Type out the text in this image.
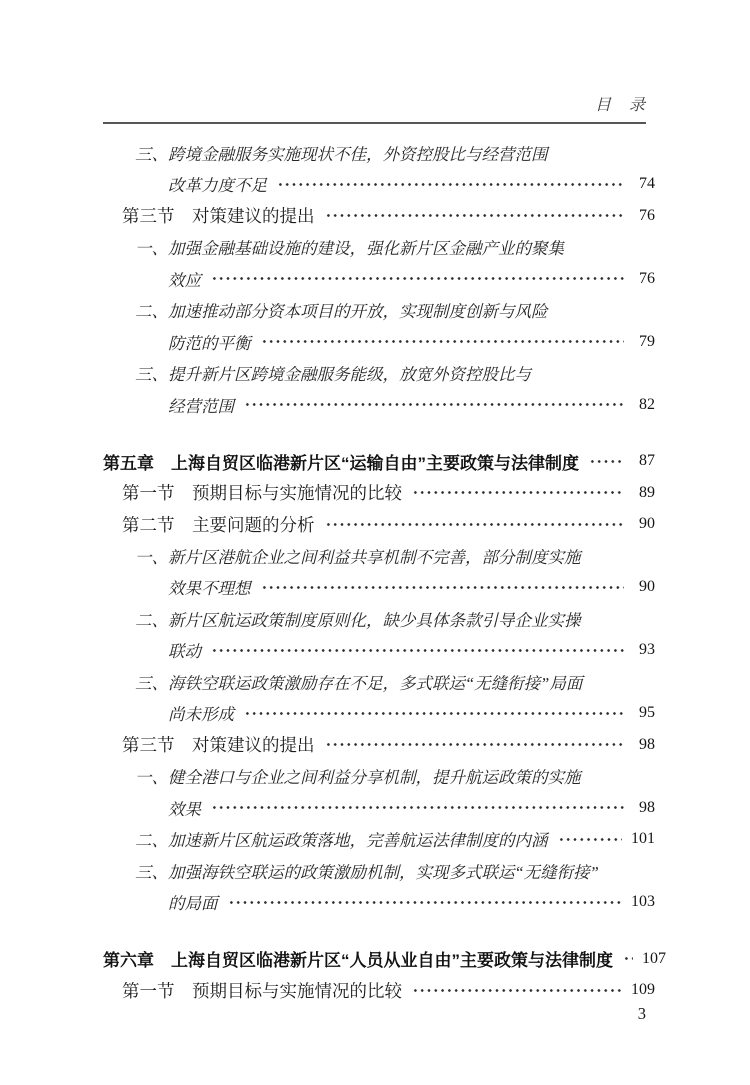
目　录
三、跨境金融服务实施现状不佳，外资控股比与经营范围
改革力度不足	74
第三节　对策建议的提出	76
一、加强金融基础设施的建设，强化新片区金融产业的聚集
效应	76
二、加速推动部分资本项目的开放，实现制度创新与风险
防范的平衡	79
三、提升新片区跨境金融服务能级，放宽外资控股比与
经营范围	82
第五章　上海自贸区临港新片区“运输自由”主要政策与法律制度	87
第一节　预期目标与实施情况的比较	89
第二节　主要问题的分析	90
一、新片区港航企业之间利益共享机制不完善，部分制度实施
效果不理想	90
二、新片区航运政策制度原则化，缺少具体条款引导企业实操
联动	93
三、海铁空联运政策激励存在不足，多式联运“无缝衔接”局面
尚未形成	95
第三节　对策建议的提出	98
一、健全港口与企业之间利益分享机制，提升航运政策的实施
效果	98
二、加速新片区航运政策落地，完善航运法律制度的内涵	101
三、加强海铁空联运的政策激励机制，实现多式联运“无缝衔接”
的局面	103
第六章　上海自贸区临港新片区“人员从业自由”主要政策与法律制度 107
第一节　预期目标与实施情况的比较	109
3
